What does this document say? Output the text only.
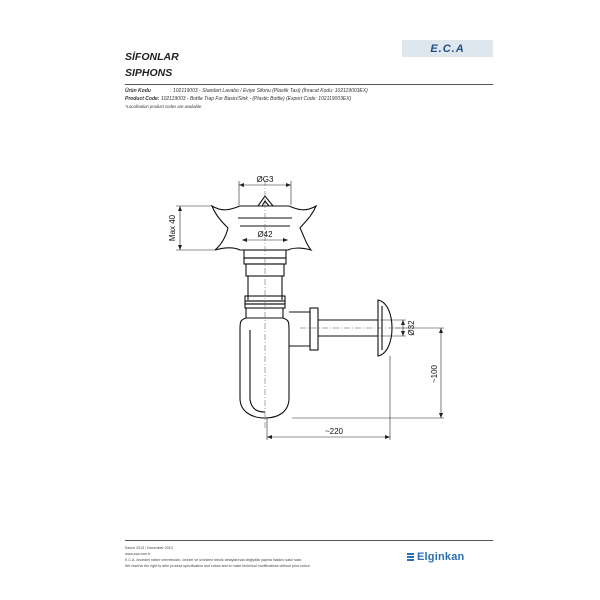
SİFONLAR
SIPHONS
E.C.A
Ürün Kodu	: 102119003 - Standart Lavabo / Eviye Sifonu (Plastik Tasi) (İhracat Kodu: 102119003EX)
Product Code: 102119003 - Bottle Trap For Basin/Sink - (Plastic Bottle) (Export Code: 102119003EX)
*Localisation product codes are available.
ØG3
Ø42
Max 40
Ø32
~100
~220
Kasım 2013 / November 2013
www.eca.com.tr
E.C.A. önceden haber vermeksizin, ürünler ve ürünlerin teknik detaylarında değişiklik yapma hakkını saklı tutar.
We reserve the right to alter product specification and colors and to make technical modifications without prior notice.
Elginkan
